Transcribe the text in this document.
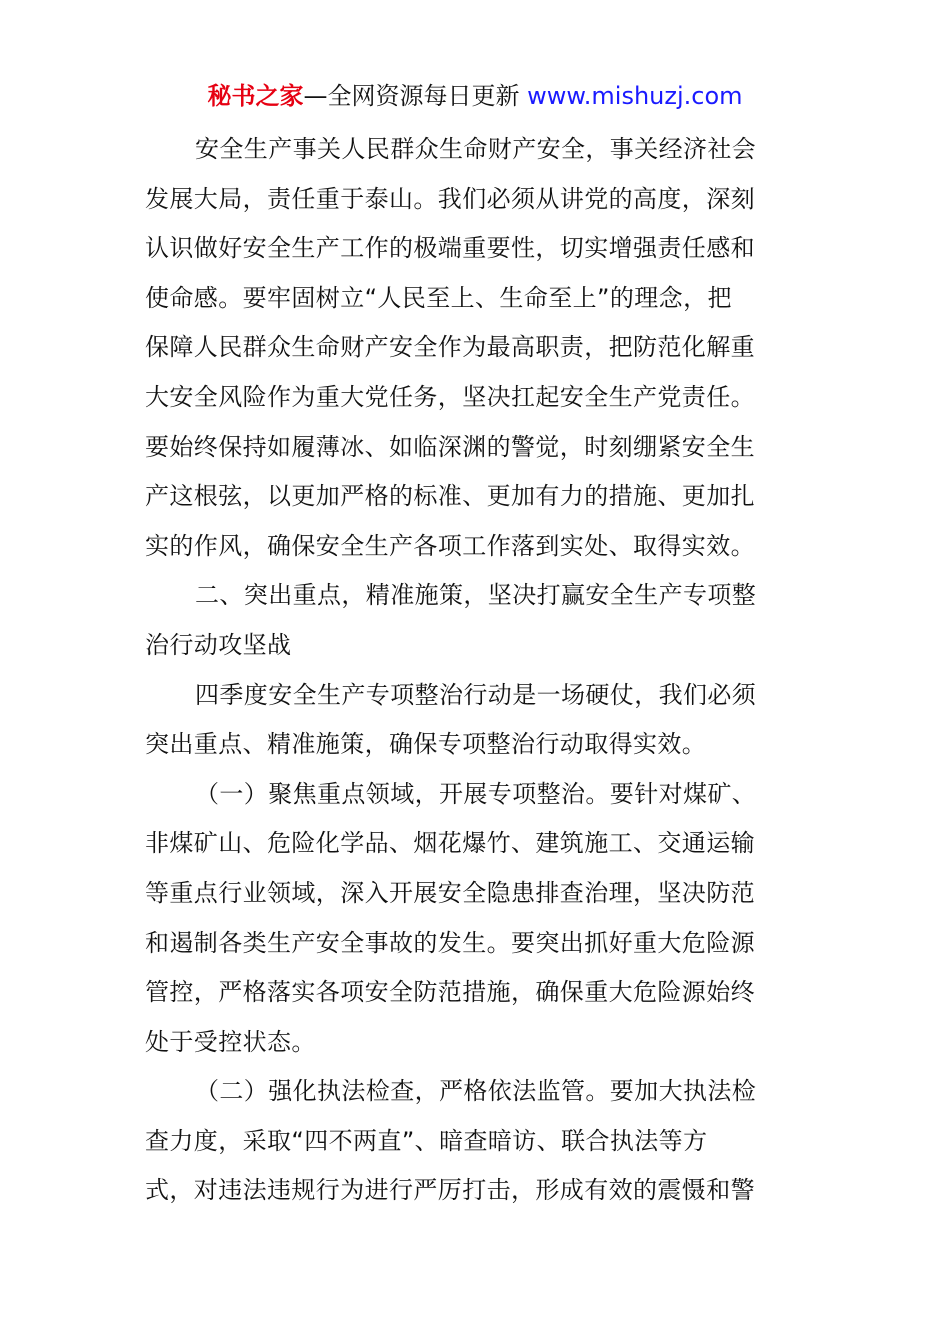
秘书之家—全网资源每日更新 www.mishuzj.com

安全生产事关人民群众生命财产安全，事关经济社会
发展大局，责任重于泰山。我们必须从讲党的高度，深刻
认识做好安全生产工作的极端重要性，切实增强责任感和
使命感。要牢固树立“人民至上、生命至上”的理念，把
保障人民群众生命财产安全作为最高职责，把防范化解重
大安全风险作为重大党任务，坚决扛起安全生产党责任。
要始终保持如履薄冰、如临深渊的警觉，时刻绷紧安全生
产这根弦，以更加严格的标准、更加有力的措施、更加扎
实的作风，确保安全生产各项工作落到实处、取得实效。

二、突出重点，精准施策，坚决打赢安全生产专项整
治行动攻坚战

四季度安全生产专项整治行动是一场硬仗，我们必须
突出重点、精准施策，确保专项整治行动取得实效。

（一）聚焦重点领域，开展专项整治。要针对煤矿、
非煤矿山、危险化学品、烟花爆竹、建筑施工、交通运输
等重点行业领域，深入开展安全隐患排查治理，坚决防范
和遏制各类生产安全事故的发生。要突出抓好重大危险源
管控，严格落实各项安全防范措施，确保重大危险源始终
处于受控状态。

（二）强化执法检查，严格依法监管。要加大执法检
查力度，采取“四不两直”、暗查暗访、联合执法等方
式，对违法违规行为进行严厉打击，形成有效的震慑和警
